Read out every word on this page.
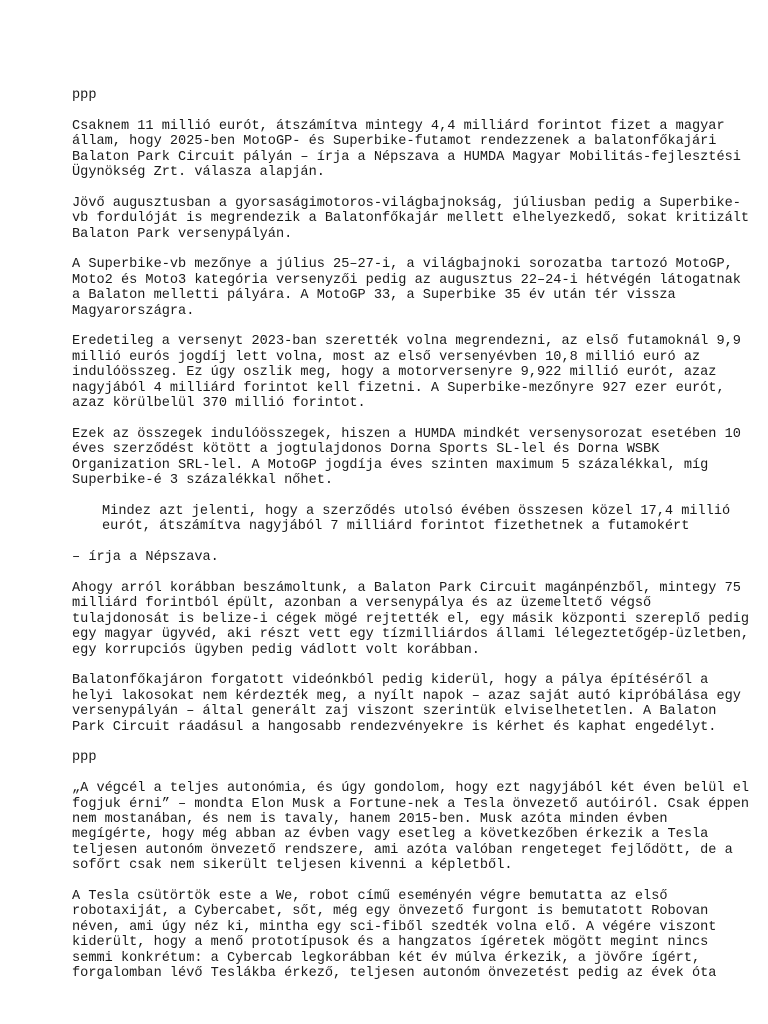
ppp

Csaknem 11 millió eurót, átszámítva mintegy 4,4 milliárd forintot fizet a magyar
állam, hogy 2025-ben MotoGP- és Superbike-futamot rendezzenek a balatonfőkajári
Balaton Park Circuit pályán – írja a Népszava a HUMDA Magyar Mobilitás-fejlesztési
Ügynökség Zrt. válasza alapján.

Jövő augusztusban a gyorsaságimotoros-világbajnokság, júliusban pedig a Superbike-
vb fordulóját is megrendezik a Balatonfőkajár mellett elhelyezkedő, sokat kritizált
Balaton Park versenypályán.

A Superbike-vb mezőnye a július 25–27-i, a világbajnoki sorozatba tartozó MotoGP,
Moto2 és Moto3 kategória versenyzői pedig az augusztus 22–24-i hétvégén látogatnak
a Balaton melletti pályára. A MotoGP 33, a Superbike 35 év után tér vissza
Magyarországra.

Eredetileg a versenyt 2023-ban szerették volna megrendezni, az első futamoknál 9,9
millió eurós jogdíj lett volna, most az első versenyévben 10,8 millió euró az
indulóösszeg. Ez úgy oszlik meg, hogy a motorversenyre 9,922 millió eurót, azaz
nagyjából 4 milliárd forintot kell fizetni. A Superbike-mezőnyre 927 ezer eurót,
azaz körülbelül 370 millió forintot.

Ezek az összegek indulóösszegek, hiszen a HUMDA mindkét versenysorozat esetében 10
éves szerződést kötött a jogtulajdonos Dorna Sports SL-lel és Dorna WSBK
Organization SRL-lel. A MotoGP jogdíja éves szinten maximum 5 százalékkal, míg
Superbike-é 3 százalékkal nőhet.

Mindez azt jelenti, hogy a szerződés utolsó évében összesen közel 17,4 millió
eurót, átszámítva nagyjából 7 milliárd forintot fizethetnek a futamokért

– írja a Népszava.

Ahogy arról korábban beszámoltunk, a Balaton Park Circuit magánpénzből, mintegy 75
milliárd forintból épült, azonban a versenypálya és az üzemeltető végső
tulajdonosát is belize-i cégek mögé rejtették el, egy másik központi szereplő pedig
egy magyar ügyvéd, aki részt vett egy tízmilliárdos állami lélegeztetőgép-üzletben,
egy korrupciós ügyben pedig vádlott volt korábban.

Balatonfőkajáron forgatott videónkból pedig kiderül, hogy a pálya építéséről a
helyi lakosokat nem kérdezték meg, a nyílt napok – azaz saját autó kipróbálása egy
versenypályán – által generált zaj viszont szerintük elviselhetetlen. A Balaton
Park Circuit ráadásul a hangosabb rendezvényekre is kérhet és kaphat engedélyt.

ppp

„A végcél a teljes autonómia, és úgy gondolom, hogy ezt nagyjából két éven belül el
fogjuk érni” – mondta Elon Musk a Fortune-nek a Tesla önvezető autóiról. Csak éppen
nem mostanában, és nem is tavaly, hanem 2015-ben. Musk azóta minden évben
megígérte, hogy még abban az évben vagy esetleg a következőben érkezik a Tesla
teljesen autonóm önvezető rendszere, ami azóta valóban rengeteget fejlődött, de a
sofőrt csak nem sikerült teljesen kivenni a képletből.

A Tesla csütörtök este a We, robot című eseményén végre bemutatta az első
robotaxiját, a Cybercabet, sőt, még egy önvezető furgont is bemutatott Robovan
néven, ami úgy néz ki, mintha egy sci-fiből szedték volna elő. A végére viszont
kiderült, hogy a menő prototípusok és a hangzatos ígéretek mögött megint nincs
semmi konkrétum: a Cybercab legkorábban két év múlva érkezik, a jövőre ígért,
forgalomban lévő Teslákba érkező, teljesen autonóm önvezetést pedig az évek óta
